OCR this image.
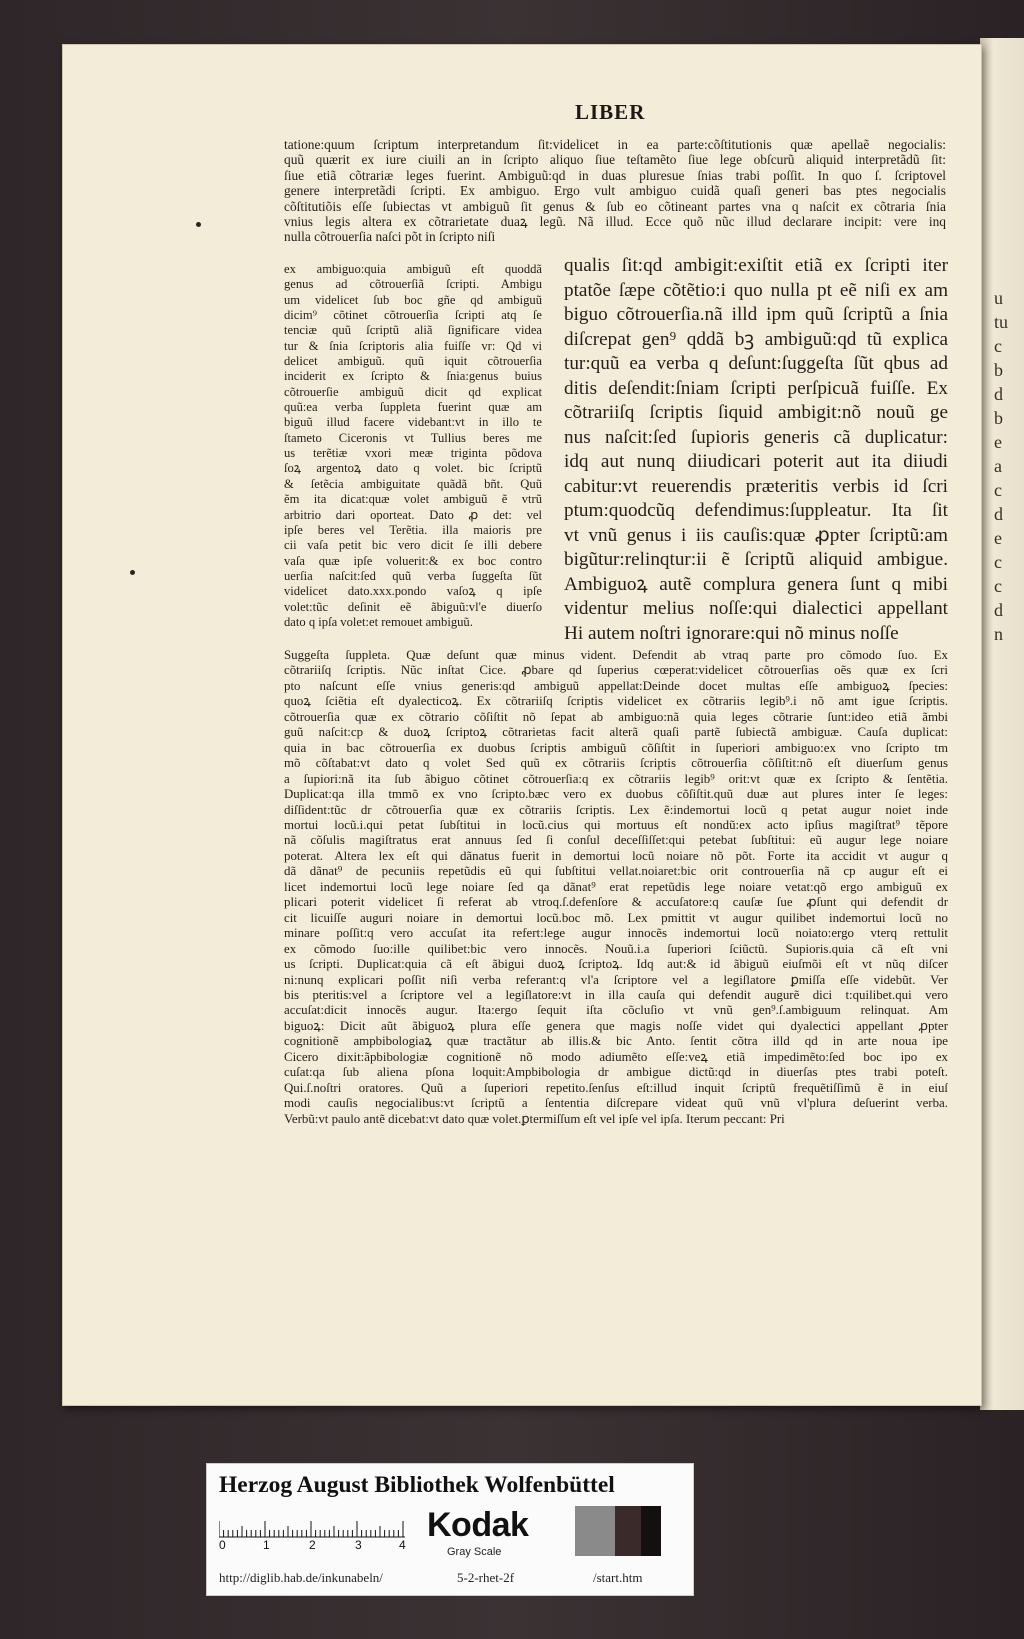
u
tu
c
b
d
b
e
a
c
d
e
c
c
d
n
LIBER
tatione:quum ſcriptum interpretandum ſit:videlicet in ea parte:cõſtitutionis quæ apellaẽ negocialis:
quũ quærit ex iure ciuili an in ſcripto aliquo ſiue teſtamẽto ſiue lege obſcurũ aliquid interpretãdũ ſit:
ſiue etiã cõtrariæ leges fuerint. Ambiguũ:qd in duas pluresue ſnias trabi poſſit. In quo ſ. ſcriptovel
genere interpretãdi ſcripti. Ex ambiguo. Ergo vult ambiguo cuidã quaſi generi bas ptes negocialis
cõſtitutiõis eſſe ſubiectas vt ambiguũ ſit genus & ſub eo cõtineant partes vna q naſcit ex cõtraria ſnia
vnius legis altera ex cõtrarietate duaꝝ legũ. Nã illud. Ecce quõ nũc illud declarare incipit: vere inq
nulla cõtrouerſia naſci põt in ſcripto niſi
ex ambiguo:quia ambiguũ eſt quoddã
genus ad cõtrouerſiã ſcripti. Ambigu
um videlicet ſub boc gñe qd ambiguũ
dicim⁹ cõtinet cõtrouerſia ſcripti atq ſe
tenciæ quũ ſcriptũ aliã ſignificare videa
tur & ſnia ſcriptoris alia fuiſſe vr: Qd vi
delicet ambiguũ. quũ iquit cõtrouerſia
inciderit ex ſcripto & ſnia:genus buius
cõtrouerſie ambiguũ dicit qd explicat
quũ:ea verba ſuppleta fuerint quæ am
biguũ illud facere videbant:vt in illo te
ſtameto Ciceronis vt Tullius beres me
us terẽtiæ vxori meæ triginta põdova
ſoꝝ argentoꝝ dato q volet. bic ſcriptũ
& ſetẽcia ambiguitate quãdã bñt. Quũ
ẽm ita dicat:quæ volet ambiguũ ẽ vtrũ
arbitrio dari oporteat. Dato ꝓ det: vel
ipſe beres vel Terẽtia. illa maioris pre
cii vaſa petit bic vero dicit ſe illi debere
vaſa quæ ipſe voluerit:& ex boc contro
uerſia naſcit:ſed quũ verba ſuggeſta ſũt
videlicet dato.xxx.pondo vaſoꝝ q ipſe
volet:tũc deſinit eẽ ãbiguũ:vl'e diuerſo
dato q ipſa volet:et remouet ambiguũ.
qualis ſit:qd ambigit:exiſtit etiã ex ſcripti iter
ptatõe ſæpe cõtẽtio:i quo nulla pt eẽ niſi ex am
biguo cõtrouerſia.nã illd ipm quũ ſcriptũ a ſnia
diſcrepat gen⁹ qddã bꝫ ambiguũ:qd tũ explica
tur:quũ ea verba q deſunt:ſuggeſta ſũt qbus ad
ditis deſendit:ſniam ſcripti perſpicuã fuiſſe. Ex
cõtrariiſq ſcriptis ſiquid ambigit:nõ nouũ ge
nus naſcit:ſed ſupioris generis cã duplicatur:
idq aut nunq diiudicari poterit aut ita diiudi
cabitur:vt reuerendis præteritis verbis id ſcri
ptum:quodcũq defendimus:ſuppleatur. Ita ſit
vt vnũ genus i iis cauſis:quæ ꝓpter ſcriptũ:am
bigũtur:relinqtur:ii ẽ ſcriptũ aliquid ambigue.
Ambiguoꝝ autẽ complura genera ſunt q mibi
videntur melius noſſe:qui dialectici appellant
Hi autem noſtri ignorare:qui nõ minus noſſe
Suggeſta ſuppleta. Quæ deſunt quæ minus vident. Defendit ab vtraq parte pro cõmodo ſuo. Ex
cõtrariiſq ſcriptis. Nũc inſtat Cice. ꝓbare qd ſuperius cœperat:videlicet cõtrouerſias oẽs quæ ex ſcri
pto naſcunt eſſe vnius generis:qd ambiguũ appellat:Deinde docet multas eſſe ambiguoꝝ ſpecies:
quoꝝ ſciẽtia eſt dyalecticoꝝ. Ex cõtrariiſq ſcriptis videlicet ex cõtrariis legib⁹.i nõ amt igue ſcriptis.
cõtrouerſia quæ ex cõtrario cõſiſtit nõ ſepat ab ambiguo:nã quia leges cõtrarie ſunt:ideo etiã ãmbi
guũ naſcit:cp & duoꝝ ſcriptoꝝ cõtrarietas facit alterã quaſi partẽ ſubiectã ambiguæ. Cauſa duplicat:
quia in bac cõtrouerſia ex duobus ſcriptis ambiguũ cõſiſtit in ſuperiori ambiguo:ex vno ſcripto tm
mõ cõſtabat:vt dato q volet Sed quũ ex cõtrariis ſcriptis cõtrouerſia cõſiſtit:nõ eſt diuerſum genus
a ſupiori:nã ita ſub ãbiguo cõtinet cõtrouerſia:q ex cõtrariis legib⁹ orit:vt quæ ex ſcripto & ſentẽtia.
Duplicat:qa illa tmmõ ex vno ſcripto.bæc vero ex duobus cõſiſtit.quũ duæ aut plures inter ſe leges:
diſſident:tũc dr cõtrouerſia quæ ex cõtrariis ſcriptis. Lex ẽ:indemortui locũ q petat augur noiet inde
mortui locũ.i.qui petat ſubſtitui in locũ.cius qui mortuus eſt nondũ:ex acto ipſius magiſtrat⁹ tẽpore
nã cõſulis magiſtratus erat annuus ſed ſi conſul deceſſiſſet:qui petebat ſubſtitui: eũ augur lege noiare
poterat. Altera lex eſt qui dãnatus fuerit in demortui locũ noiare nõ põt. Forte ita accidit vt augur q
dã dãnat⁹ de pecuniis repetũdis eũ qui ſubſtitui vellat.noiaret:bic orit controuerſia nã cp augur eſt ei
licet indemortui locũ lege noiare ſed qa dãnat⁹ erat repetũdis lege noiare vetat:qõ ergo ambiguũ ex
plicari poterit videlicet ſi referat ab vtroq.ſ.defenſore & accuſatore:q cauſæ ſue ꝓſunt qui defendit dr
cit licuiſſe auguri noiare in demortui locũ.boc mõ. Lex pmittit vt augur quilibet indemortui locũ no
minare poſſit:q vero accuſat ita refert:lege augur innocẽs indemortui locũ noiato:ergo vterq rettulit
ex cõmodo ſuo:ille quilibet:bic vero innocẽs. Nouũ.i.a ſuperiori ſciũctũ. Supioris.quia cã eſt vni
us ſcripti. Duplicat:quia cã eſt ãbigui duoꝝ ſcriptoꝝ. Idq aut:& id ãbiguũ eiuſmõi eſt vt nũq diſcer
ni:nunq explicari poſſit niſi verba referant:q vl'a ſcriptore vel a legiſlatore ꝑmiſſa eſſe videbũt. Ver
bis pteritis:vel a ſcriptore vel a legiſlatore:vt in illa cauſa qui defendit augurẽ dici t:quilibet.qui vero
accuſat:dicit innocẽs augur. Ita:ergo ſequit iſta cõcluſio vt vnũ gen⁹.ſ.ambiguum relinquat. Am
biguoꝝ: Dicit aũt ãbiguoꝝ plura eſſe genera que magis noſſe videt qui dyalectici appellant ꝓpter
cognitionẽ ampbibologiaꝝ quæ tractãtur ab illis.& bic Anto. ſentit cõtra illd qd in arte noua ipe
Cicero dixit:ãpbibologiæ cognitionẽ nõ modo adiumẽto eſſe:veꝝ etiã impedimẽto:ſed boc ipo ex
cuſat:qa ſub aliena pſona loquit:Ampbibologia dr ambigue dictũ:qd in diuerſas ptes trabi poteſt.
Qui.ſ.noſtri oratores. Quũ a ſuperiori repetito.ſenſus eſt:illud inquit ſcriptũ frequẽtiſſimũ ẽ in eiuſ
modi cauſis negocialibus:vt ſcriptũ a ſententia diſcrepare videat quũ vnũ vl'plura deſuerint verba.
Verbũ:vt paulo antẽ dicebat:vt dato quæ volet.ꝑtermiſſum eſt vel ipſe vel ipſa. Iterum peccant: Pri
Herzog August Bibliothek Wolfenbüttel
0	1	2	3	4
Kodak
Gray Scale
http://diglib.hab.de/inkunabeln/	5-2-rhet-2f	/start.htm
